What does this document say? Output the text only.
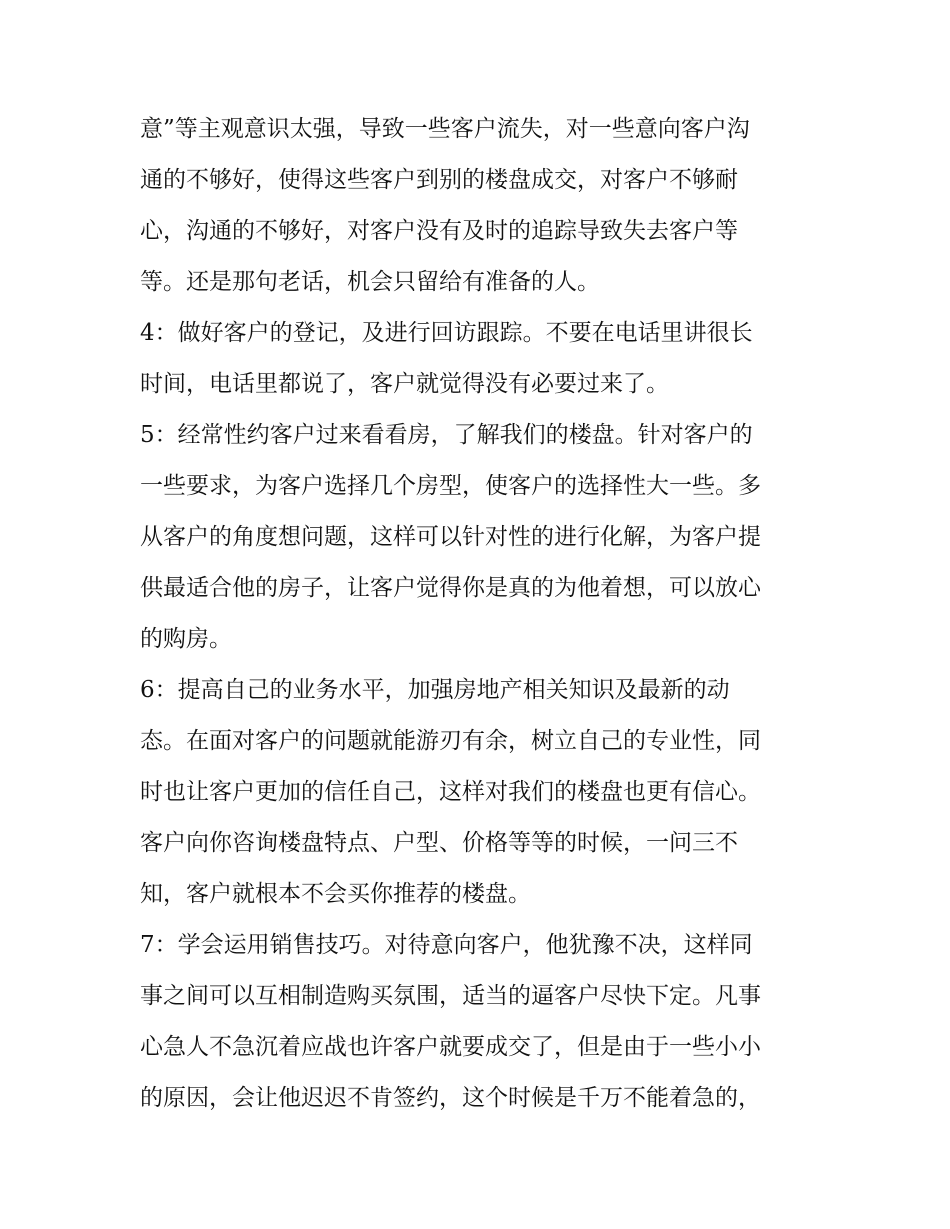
意”等主观意识太强，导致一些客户流失，对一些意向客户沟
通的不够好，使得这些客户到别的楼盘成交，对客户不够耐
心，沟通的不够好，对客户没有及时的追踪导致失去客户等
等。还是那句老话，机会只留给有准备的人。
4：做好客户的登记，及进行回访跟踪。不要在电话里讲很长
时间，电话里都说了，客户就觉得没有必要过来了。
5：经常性约客户过来看看房，了解我们的楼盘。针对客户的
一些要求，为客户选择几个房型，使客户的选择性大一些。多
从客户的角度想问题，这样可以针对性的进行化解，为客户提
供最适合他的房子，让客户觉得你是真的为他着想，可以放心
的购房。
6：提高自己的业务水平，加强房地产相关知识及最新的动
态。在面对客户的问题就能游刃有余，树立自己的专业性，同
时也让客户更加的信任自己，这样对我们的楼盘也更有信心。
客户向你咨询楼盘特点、户型、价格等等的时候，一问三不
知，客户就根本不会买你推荐的楼盘。
7：学会运用销售技巧。对待意向客户，他犹豫不决，这样同
事之间可以互相制造购买氛围，适当的逼客户尽快下定。凡事
心急人不急沉着应战也许客户就要成交了，但是由于一些小小
的原因，会让他迟迟不肯签约，这个时候是千万不能着急的，
